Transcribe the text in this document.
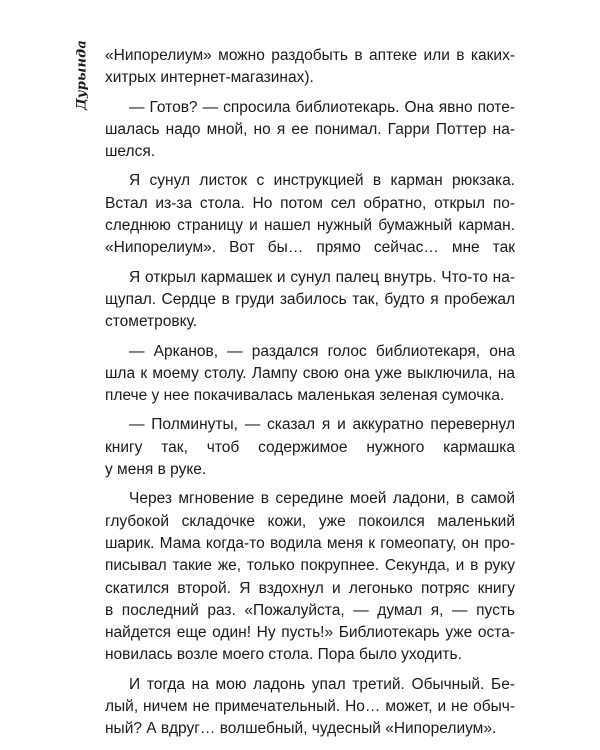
Дурында «Нипорелиум» можно раздобыть в аптеке или в каких-
хитрых интернет-магазинах).
— Готов? — спросила библиотекарь. Она явно поте-
шалась надо мной, но я ее понимал. Гарри Поттер на-
шелся.
Я сунул листок с инструкцией в карман рюкзака.
Встал из-за стола. Но потом сел обратно, открыл по-
следнюю страницу и нашел нужный бумажный карман.
«Нипорелиум». Вот бы… прямо сейчас… мне так
Я открыл кармашек и сунул палец внутрь. Что-то на-
щупал. Сердце в груди забилось так, будто я пробежал
стометровку.
— Арканов, — раздался голос библиотекаря, она
шла к моему столу. Лампу свою она уже выключила, на
плече у нее покачивалась маленькая зеленая сумочка.
— Полминуты, — сказал я и аккуратно перевернул
книгу так, чтоб содержимое нужного кармашка
у меня в руке.
Через мгновение в середине моей ладони, в самой
глубокой складочке кожи, уже покоился маленький
шарик. Мама когда-то водила меня к гомеопату, он про-
писывал такие же, только покрупнее. Секунда, и в руку
скатился второй. Я вздохнул и легонько потряс книгу
в последний раз. «Пожалуйста, — думал я, — пусть
найдется еще один! Ну пусть!» Библиотекарь уже оста-
новилась возле моего стола. Пора было уходить.
И тогда на мою ладонь упал третий. Обычный. Бе-
лый, ничем не примечательный. Но… может, и не обыч-
ный? А вдруг… волшебный, чудесный «Нипорелиум».
